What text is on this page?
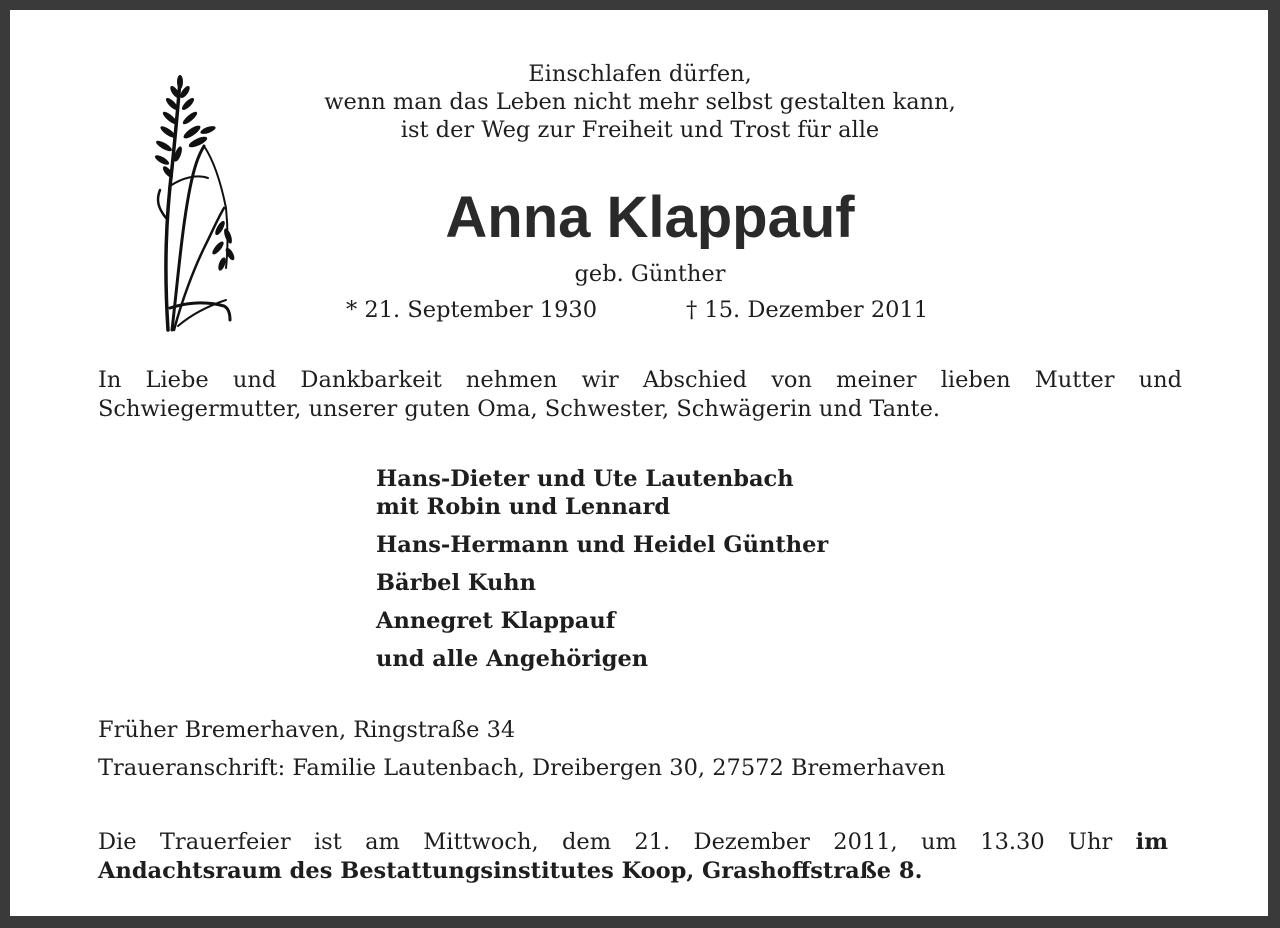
Einschlafen dürfen,
wenn man das Leben nicht mehr selbst gestalten kann,
ist der Weg zur Freiheit und Trost für alle
Anna Klappauf
geb. Günther
* 21. September 1930	† 15. Dezember 2011
In Liebe und Dankbarkeit nehmen wir Abschied von meiner lieben Mutter und
Schwiegermutter, unserer guten Oma, Schwester, Schwägerin und Tante.
Hans-Dieter und Ute Lautenbach
mit Robin und Lennard
Hans-Hermann und Heidel Günther
Bärbel Kuhn
Annegret Klappauf
und alle Angehörigen
Früher Bremerhaven, Ringstraße 34
Traueranschrift: Familie Lautenbach, Dreibergen 30, 27572 Bremerhaven
Die Trauerfeier ist am Mittwoch, dem 21. Dezember 2011, um 13.30 Uhr im
Andachtsraum des Bestattungsinstitutes Koop, Grashoffstraße 8.
